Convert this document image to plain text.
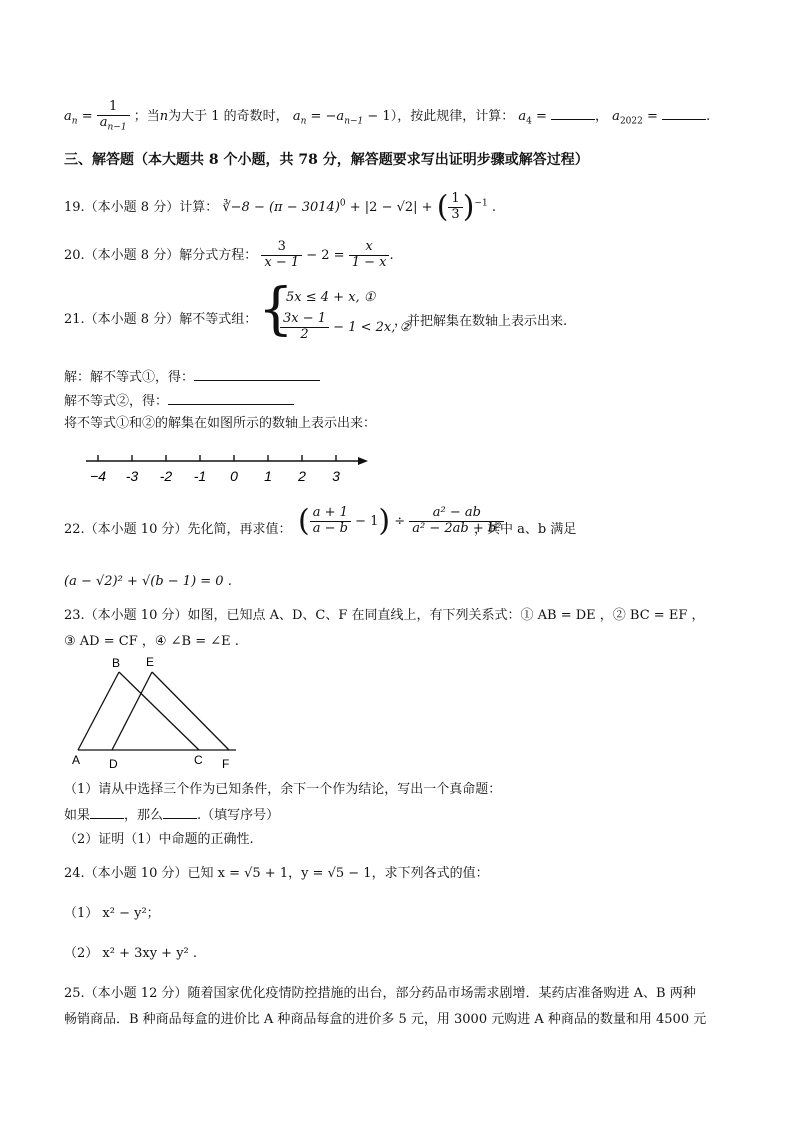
$a_n = \frac{1}{a_{n-1}}$ ；当n为大于 1 的奇数时， $a_n = -a_{n-1} - 1$），按此规律，计算： $a_4$ =	， $a_{2022}$ =	.
三、解答题（本大题共 8 个小题，共 78 分，解答题要求写出证明步骤或解答过程）
19.（本小题 8 分）计算： ∛−8 − $(\pi - 3014)^0 + |2 - √2|$ + ( $\frac{1}{3} )^{-1}$ .
20.（本小题 8 分）解分式方程： $\frac{3}{x - 1} - 2 = \frac{x}{1 - x}$ .
21.（本小题 8 分）解不等式组： {
5x ≤ 4 + x, ①
$\frac{3x - 1}{2} - 1 < 2x$, ②
，并把解集在数轴上表示出来.
解：解不等式①，得：
解不等式②，得：
将不等式①和②的解集在如图所示的数轴上表示出来：
−4 -3 -2 -1 0 1 2 3
22.（本小题 10 分）先化简，再求值： ( $\frac{a + 1}{a - b} - 1) \div \frac{\text{a² − ab}}{\text{a² − 2ab + b²}}$
，其中 a、b 满足
(a − √2)² + √(b − 1) = 0 .
23.（本小题 10 分）如图，已知点 A、D、C、F 在同直线上，有下列关系式：① AB = DE ，② BC = EF ，
③ AD = CF ，④ ∠B = ∠E .
B E
A D	C F
（1）请从中选择三个作为已知条件，余下一个作为结论，写出一个真命题：
如果	，那么	.（填写序号）
（2）证明（1）中命题的正确性.
24.（本小题 10 分）已知 x = √5 + 1，y = √5 − 1，求下列各式的值：
（1） x² − y²；
（2） x² + 3xy + y² .
25.（本小题 12 分）随着国家优化疫情防控措施的出台，部分药品市场需求剧增．某药店准备购进 A、B 两种
畅销商品．B 种商品每盒的进价比 A 种商品每盒的进价多 5 元，用 3000 元购进 A 种商品的数量和用 4500 元
